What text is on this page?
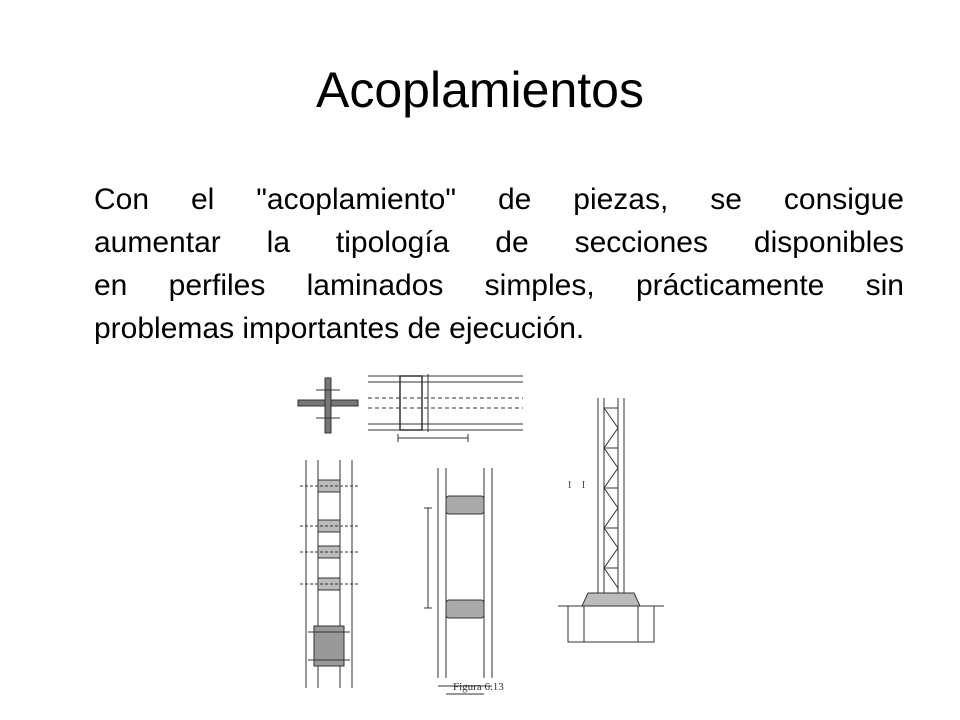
Acoplamientos
Con el "acoplamiento" de piezas, se consigue
aumentar la tipología de secciones disponibles
en perfiles laminados simples, prácticamente sin
problemas importantes de ejecución.
I I
Figura 6.13
